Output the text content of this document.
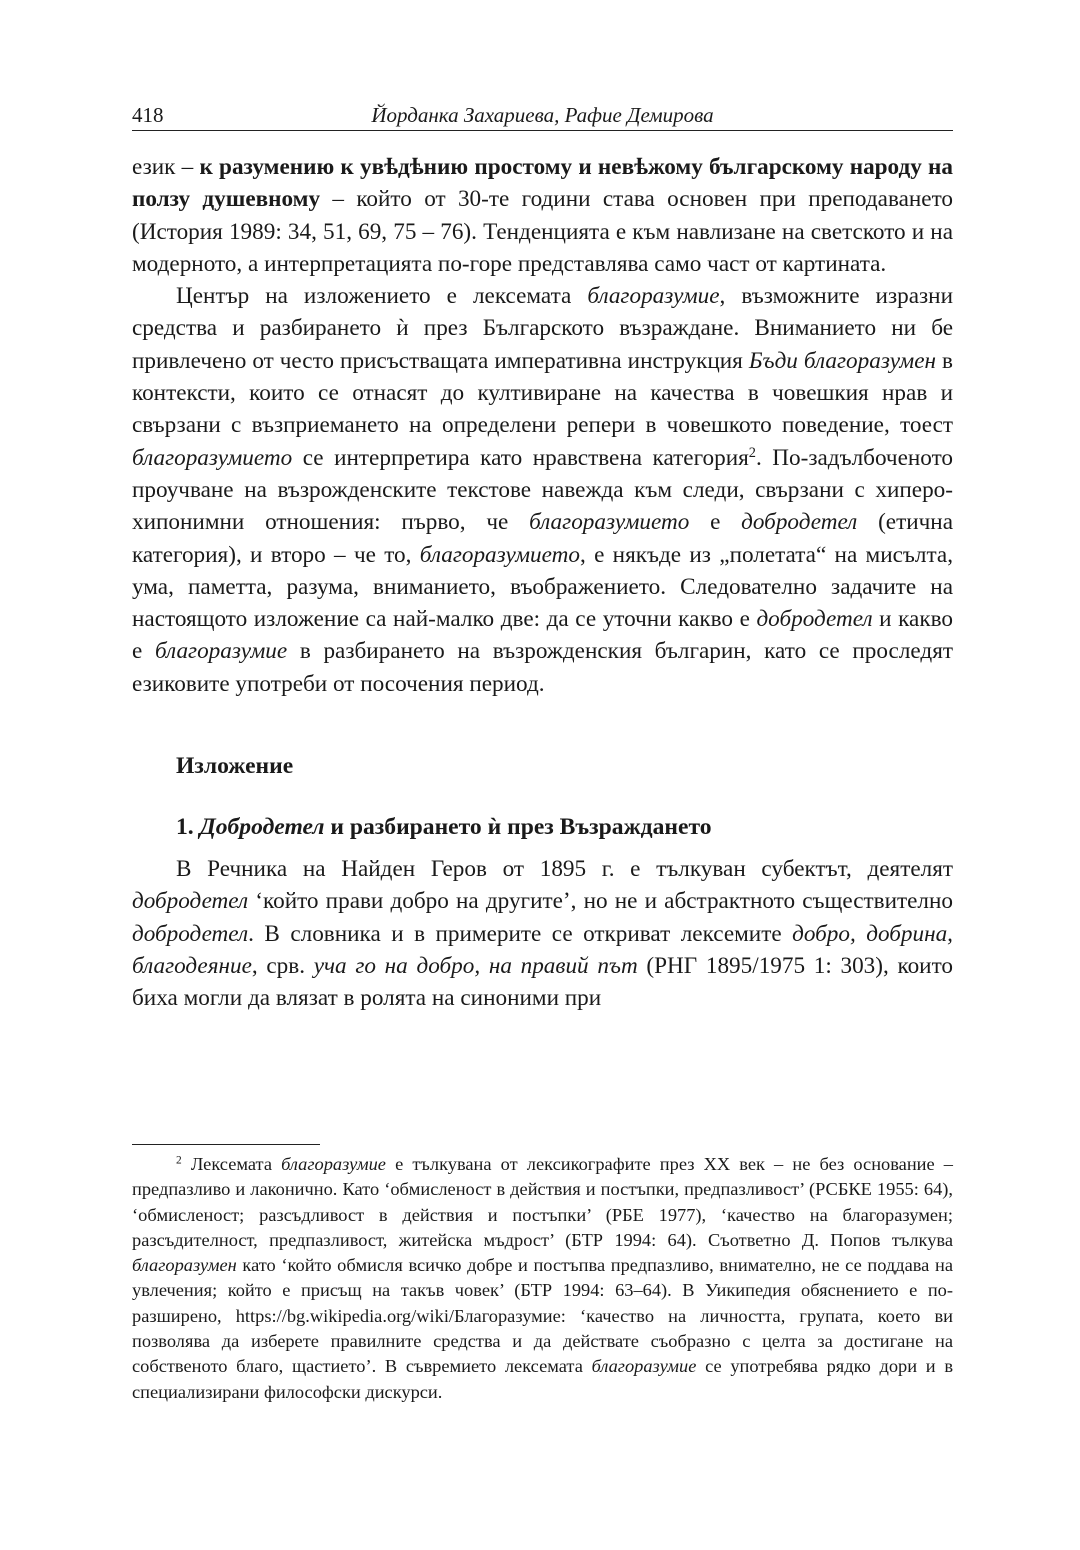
418	Йорданка Захариева, Рафие Демирова

език – к разумению к увѣдѣнию простому и невѣжому българскому народу на ползу душевному – който от 30-те години става основен при преподаването (История 1989: 34, 51, 69, 75 – 76). Тенденцията е към навлизане на светското и на модерното, а интерпретацията по-горе представлява само част от картината.

Център на изложението е лексемата благоразумие, възможните изразни средства и разбирането ѝ през Българското възраждане. Вниманието ни бе привлечено от често присъстващата императивна инструкция Бъди благоразумен в контексти, които се отнасят до култивиране на качества в човешкия нрав и свързани с възприемането на определени репери в човешкото поведение, тоест благоразумието се интерпретира като нравствена категория$^2$. По-задълбоченото проучване на възрожденските текстове навежда към следи, свързани с хиперо-хипонимни отношения: първо, че благоразумието е добродетел (етична категория), и второ – че то, благоразумието, е някъде из „полетата“ на мисълта, ума, паметта, разума, вниманието, въображението. Следователно задачите на настоящото изложение са най-малко две: да се уточни какво е добродетел и какво е благоразумие в разбирането на възрожденския българин, като се проследят езиковите употреби от посочения период.

Изложение
1. Добродетел и разбирането ѝ през Възраждането

В Речника на Найден Геров от 1895 г. е тълкуван субектът, деятелят добродетел ‘който прави добро на другите’, но не и абстрактното съществително добродетел. В словника и в примерите се откриват лексемите добро, добрина, благодеяние, срв. уча го на добро, на правий път (РНГ 1895/1975 1: 303), които биха могли да влязат в ролята на синоними при

$^2$ Лексемата благоразумие е тълкувана от лексикографите през XX век – не без основание – предпазливо и лаконично. Като ‘обмисленост в действия и постъпки, предпазливост’ (РСБКЕ 1955: 64), ‘обмисленост; разсъдливост в действия и постъпки’ (РБЕ 1977), ‘качество на благоразумен; разсъдителност, предпазливост, житейска мъдрост’ (БТР 1994: 64). Съответно Д. Попов тълкува благоразумен като ‘който обмисля всичко добре и постъпва предпазливо, внимателно, не се поддава на увлечения; който е присъщ на такъв човек’ (БТР 1994: 63–64). В Уикипедия обяснението е по-разширено, https://bg.wikipedia.org/wiki/Благоразумие: ‘качество на личността, групата, което ви позволява да изберете правилните средства и да действате съобразно с целта за достигане на собственото благо, щастието’. В съвремието лексемата благоразумие се употребява рядко дори и в специализирани философски дискурси.
